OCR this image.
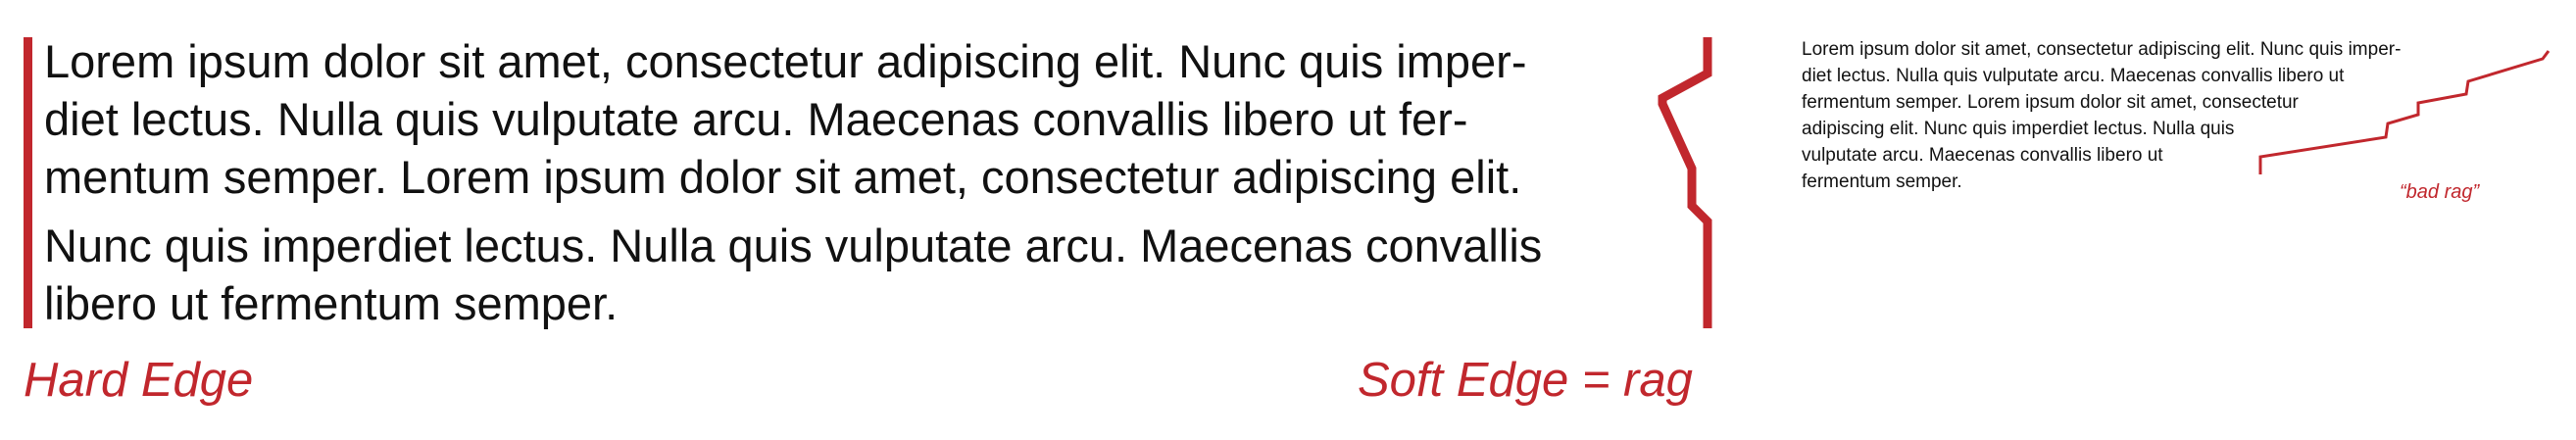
Lorem ipsum dolor sit amet, consectetur adipiscing elit. Nunc quis imper-
diet lectus. Nulla quis vulputate arcu. Maecenas convallis libero ut fer-
mentum semper. Lorem ipsum dolor sit amet, consectetur adipiscing elit.
Nunc quis imperdiet lectus. Nulla quis vulputate arcu. Maecenas convallis
libero ut fermentum semper.
Hard Edge	Soft Edge = rag
Lorem ipsum dolor sit amet, consectetur adipiscing elit. Nunc quis imper-
diet lectus. Nulla quis vulputate arcu. Maecenas convallis libero ut
fermentum semper. Lorem ipsum dolor sit amet, consectetur
adipiscing elit. Nunc quis imperdiet lectus. Nulla quis
vulputate arcu. Maecenas convallis libero ut
fermentum semper.	“bad rag”
